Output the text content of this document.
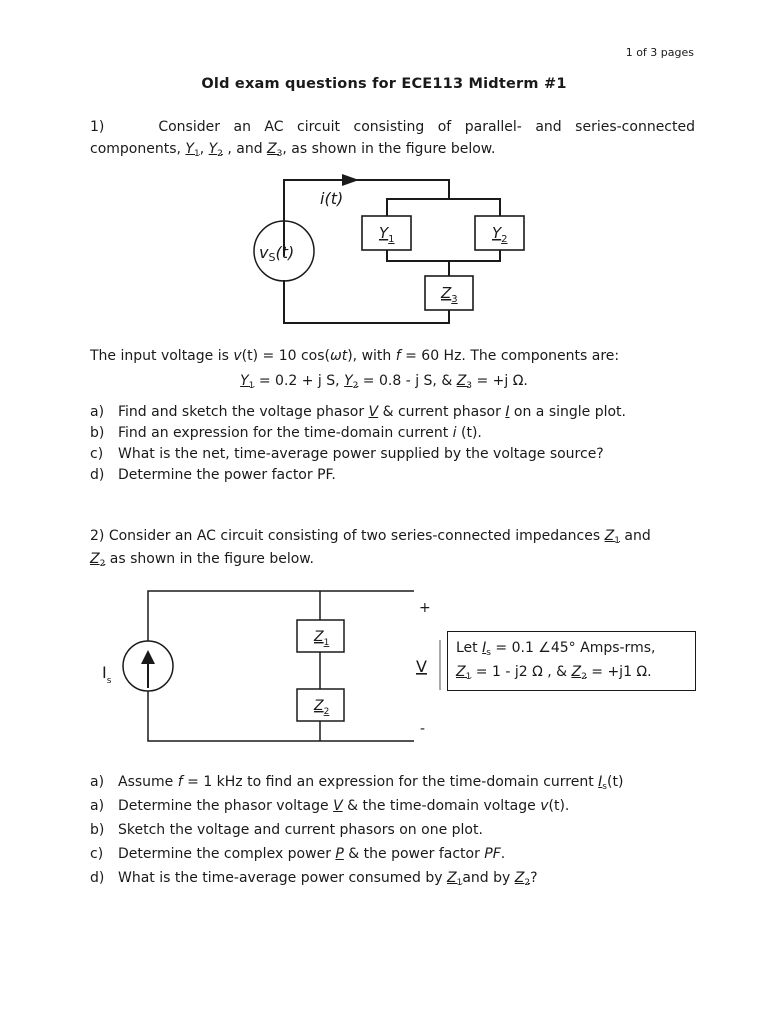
1 of 3 pages
Old exam questions for ECE113 Midterm #1
1)	Consider an AC circuit consisting of parallel- and series-connected
components, $Y_1$, $Y_2$ , and $Z_3$, as shown in the figure below.
i(t)
vS(t)
$Y_1$	$Y_2$
$Z_3$
The input voltage is v(t) = 10 cos(ωt), with f = 60 Hz. The components are:
$Y_1 = 0.2 + j$ S, $Y_2 = 0.8 - j$ S, & $Z_3 = +j$ Ω.
a) Find and sketch the voltage phasor V & current phasor I on a single plot.
b) Find an expression for the time-domain current i (t).
c) What is the net, time-average power supplied by the voltage source?
d) Determine the power factor PF.
2) Consider an AC circuit consisting of two series-connected impedances $Z_1$ and
$Z_2$ as shown in the figure below.
$I_s$
$Z_1$
$Z_2$
+
-
V
Let $I_s = 0.1$ ∠45° Amps-rms,
$Z_1 = 1 - j2$ Ω , & $Z_2 = +j1$ Ω.
a) Assume f = 1 kHz to find an expression for the time-domain current $I_s(t)$
a) Determine the phasor voltage V & the time-domain voltage v(t).
b) Sketch the voltage and current phasors on one plot.
c) Determine the complex power P & the power factor PF.
d) What is the time-average power consumed by $Z_1and$ by $Z_2$?
